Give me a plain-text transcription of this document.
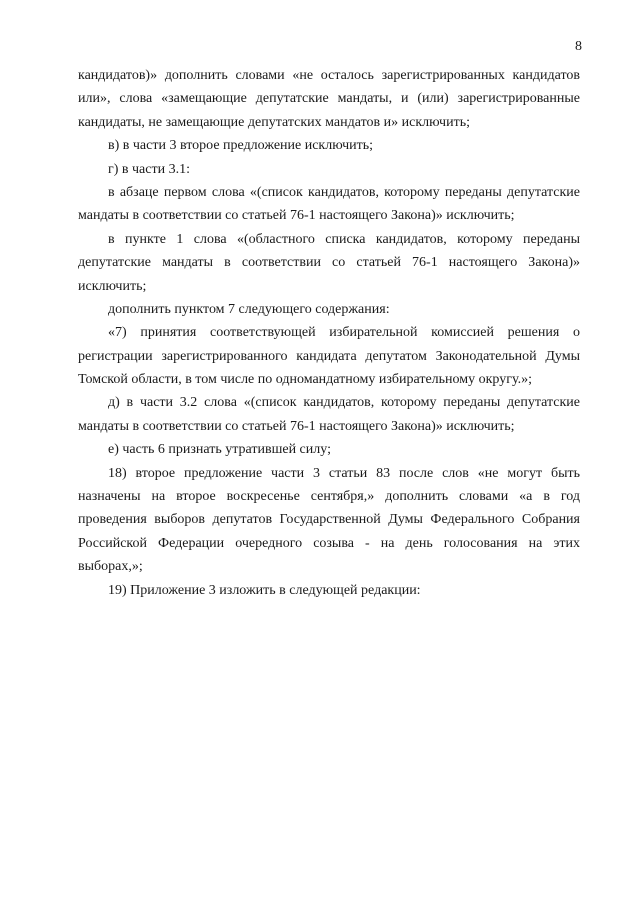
8
кандидатов)» дополнить словами «не осталось зарегистрированных кандидатов
или», слова «замещающие депутатские мандаты, и (или) зарегистрированные
кандидаты, не замещающие депутатских мандатов и» исключить;
в) в части 3 второе предложение исключить;
г) в части 3.1:
в абзаце первом слова «(список кандидатов, которому переданы депутатские
мандаты в соответствии со статьей 76-1 настоящего Закона)» исключить;
в пункте 1 слова «(областного списка кандидатов, которому переданы
депутатские мандаты в соответствии со статьей 76-1 настоящего Закона)»
исключить;
дополнить пунктом 7 следующего содержания:
«7) принятия соответствующей избирательной комиссией решения о
регистрации зарегистрированного кандидата депутатом Законодательной Думы
Томской области, в том числе по одномандатному избирательному округу.»;
д) в части 3.2 слова «(список кандидатов, которому переданы депутатские
мандаты в соответствии со статьей 76-1 настоящего Закона)» исключить;
е) часть 6 признать утратившей силу;
18) второе предложение части 3 статьи 83 после слов «не могут быть
назначены на второе воскресенье сентября,» дополнить словами «а в год
проведения выборов депутатов Государственной Думы Федерального Собрания
Российской Федерации очередного созыва - на день голосования на этих
выборах,»;
19) Приложение 3 изложить в следующей редакции:
